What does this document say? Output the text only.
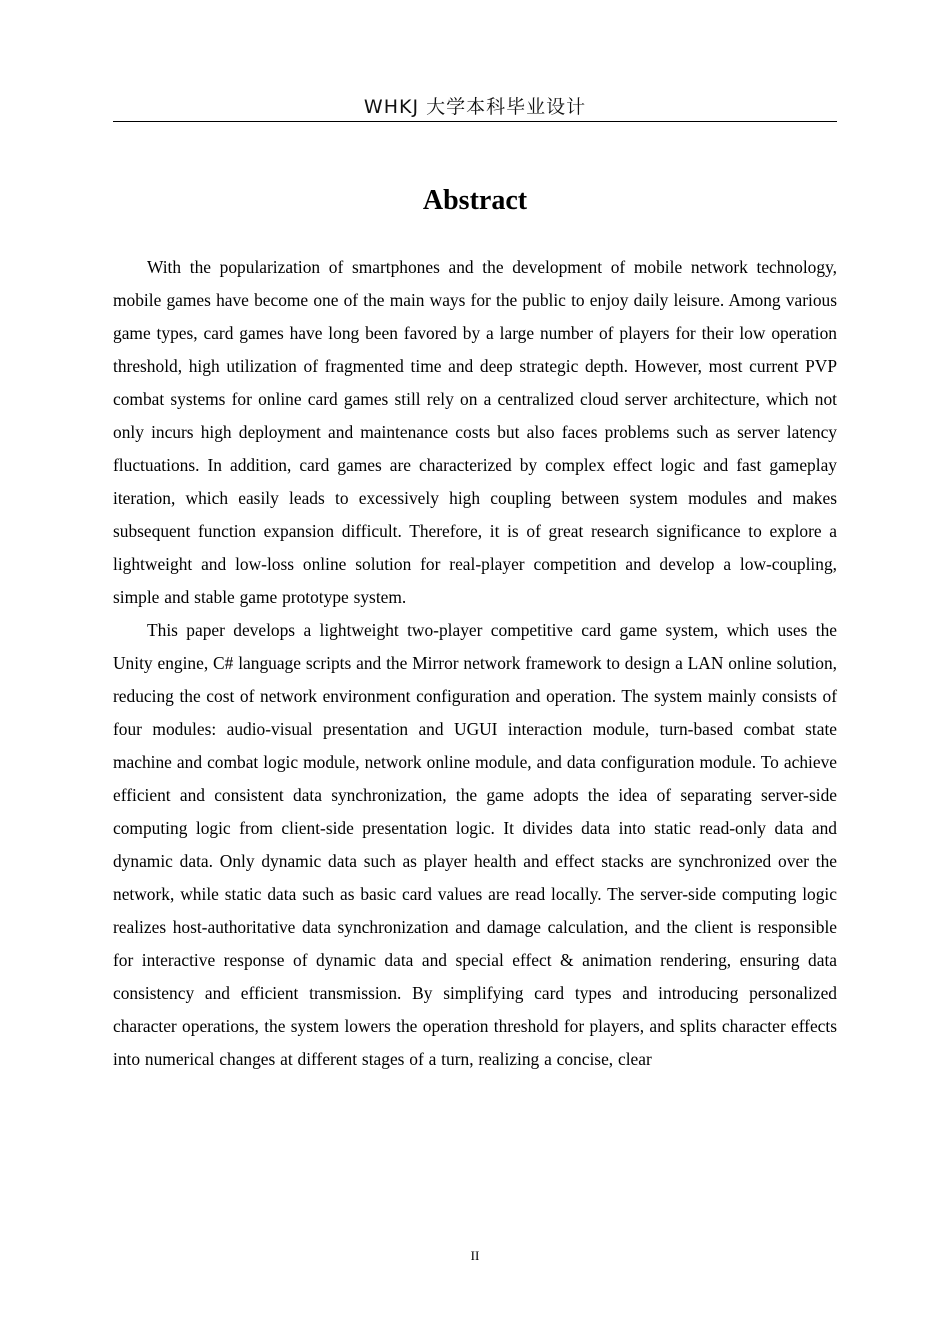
WHKJ 大学本科毕业设计
Abstract

With the popularization of smartphones and the development of mobile network technology, mobile games have become one of the main ways for the public to enjoy daily leisure. Among various game types, card games have long been favored by a large number of players for their low operation threshold, high utilization of fragmented time and deep strategic depth. However, most current PVP combat systems for online card games still rely on a centralized cloud server architecture, which not only incurs high deployment and maintenance costs but also faces problems such as server latency fluctuations. In addition, card games are characterized by complex effect logic and fast gameplay iteration, which easily leads to excessively high coupling between system modules and makes subsequent function expansion difficult. Therefore, it is of great research significance to explore a lightweight and low-loss online solution for real-player competition and develop a low-coupling, simple and stable game prototype system.

This paper develops a lightweight two-player competitive card game system, which uses the Unity engine, C# language scripts and the Mirror network framework to design a LAN online solution, reducing the cost of network environment configuration and operation. The system mainly consists of four modules: audio-visual presentation and UGUI interaction module, turn-based combat state machine and combat logic module, network online module, and data configuration module. To achieve efficient and consistent data synchronization, the game adopts the idea of separating server-side computing logic from client-side presentation logic. It divides data into static read-only data and dynamic data. Only dynamic data such as player health and effect stacks are synchronized over the network, while static data such as basic card values are read locally. The server-side computing logic realizes host-authoritative data synchronization and damage calculation, and the client is responsible for interactive response of dynamic data and special effect & animation rendering, ensuring data consistency and efficient transmission. By simplifying card types and introducing personalized character operations, the system lowers the operation threshold for players, and splits character effects into numerical changes at different stages of a turn, realizing a concise, clear

II
